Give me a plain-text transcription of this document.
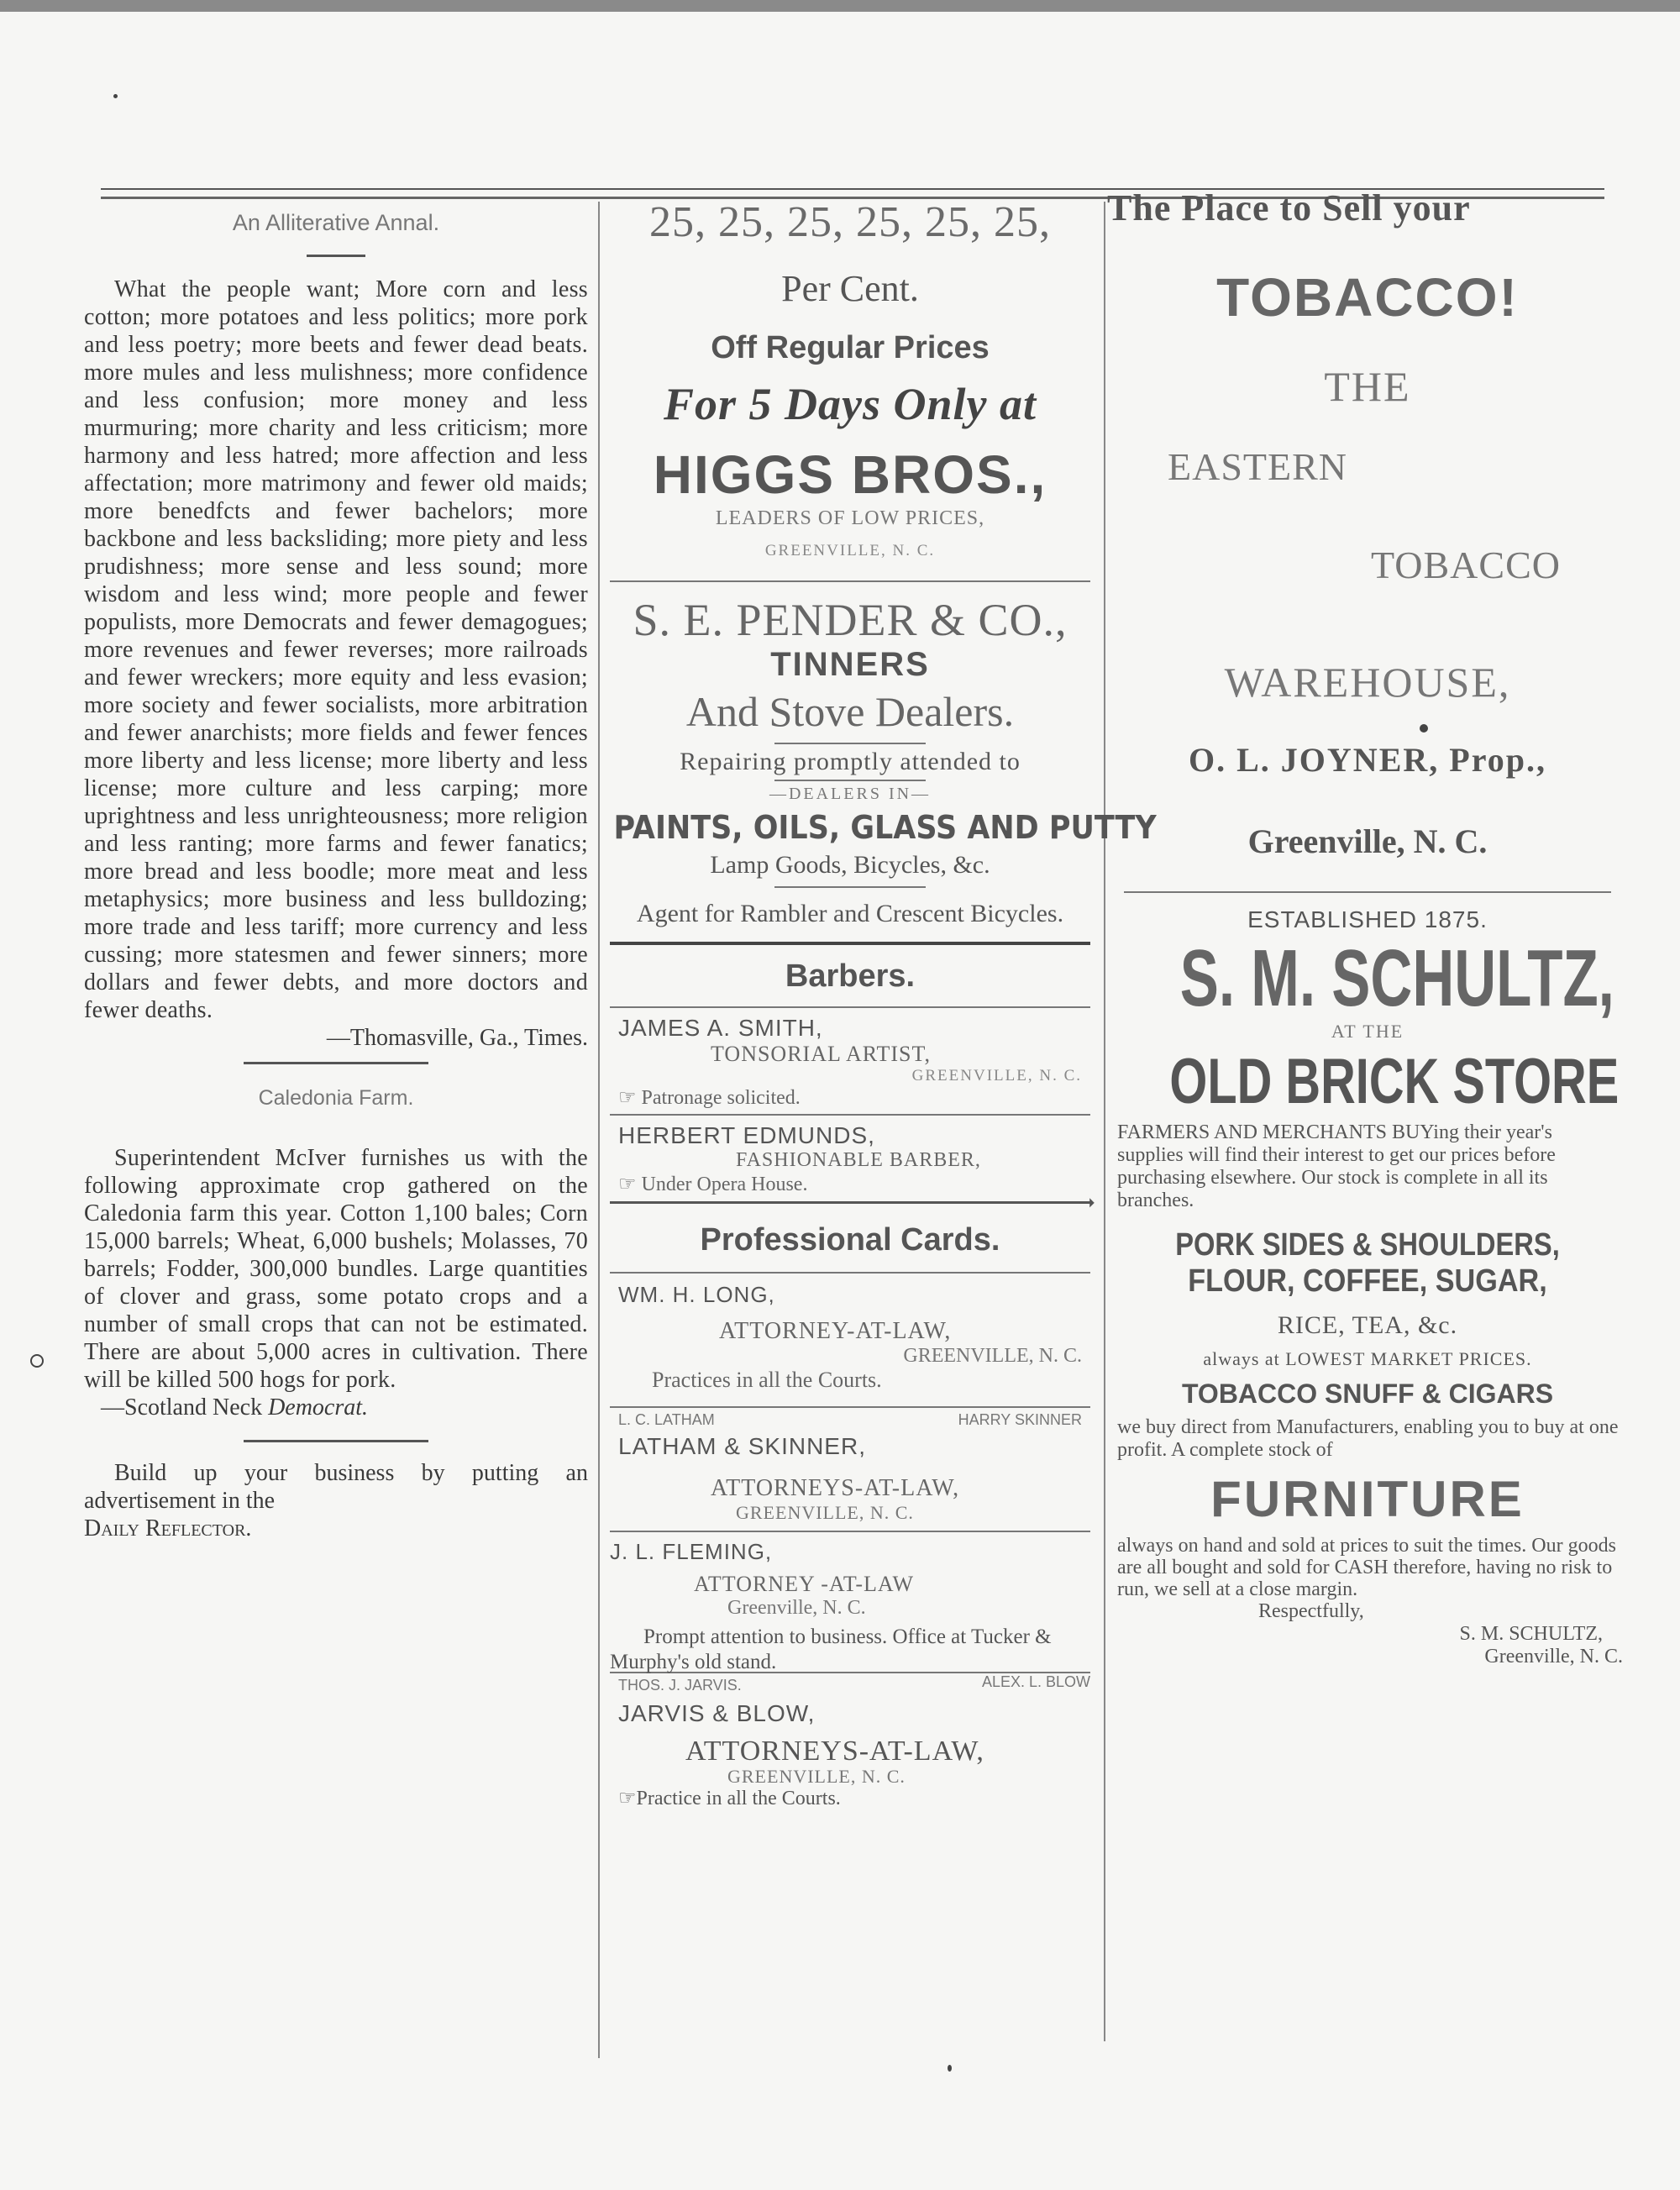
An Alliterative Annal.

What the people want; More corn and less cotton; more potatoes and less politics; more pork and less poetry; more beets and fewer dead beats. more mules and less mulishness; more confidence and less confusion; more money and less murmuring; more charity and less criticism; more harmony and less hatred; more affection and less affectation; more matrimony and fewer old maids; more benedfcts and fewer bachelors; more backbone and less backsliding; more piety and less prudishness; more sense and less sound; more wisdom and less wind; more people and fewer populists, more Democrats and fewer demagogues; more revenues and fewer reverses; more railroads and fewer wreckers; more equity and less evasion; more society and fewer socialists, more arbitration and fewer anarchists; more fields and fewer fences more liberty and less license; more liberty and less license; more culture and less carping; more uprightness and less unrighteousness; more religion and less ranting; more farms and fewer fanatics; more bread and less boodle; more meat and less metaphysics; more business and less bulldozing; more trade and less tariff; more currency and less cussing; more statesmen and fewer sinners; more dollars and fewer debts, and more doctors and fewer deaths.

—Thomasville, Ga., Times.

Caledonia Farm.

Superintendent McIver furnishes us with the following approximate crop gathered on the Caledonia farm this year. Cotton 1,100 bales; Corn 15,000 barrels; Wheat, 6,000 bushels; Molasses, 70 barrels; Fodder, 300,000 bundles. Large quantities of clover and grass, some potato crops and a number of small crops that can not be estimated. There are about 5,000 acres in cultivation. There will be killed 500 hogs for pork.

—Scotland Neck Democrat.

Build up your business by putting an advertisement in the

Daily Reflector.

25, 25, 25, 25, 25, 25,

Per Cent.

Off Regular Prices

For 5 Days Only at

HIGGS BROS.,

LEADERS OF LOW PRICES,

GREENVILLE, N. C.

S. E. PENDER & CO.,

TINNERS

And Stove Dealers.

Repairing promptly attended to

—DEALERS IN—

PAINTS, OILS, GLASS AND PUTTY

Lamp Goods, Bicycles, &c.

Agent for Rambler and Crescent Bicycles.

Barbers.

JAMES A. SMITH,

TONSORIAL ARTIST,

GREENVILLE, N. C.

☞ Patronage solicited.

HERBERT EDMUNDS,

FASHIONABLE BARBER,

☞ Under Opera House.

➝

Professional Cards.

WM. H. LONG,

ATTORNEY-AT-LAW,

GREENVILLE, N. C.

Practices in all the Courts.

L. C. LATHAM	HARRY SKINNER

LATHAM & SKINNER,

ATTORNEYS-AT-LAW,

GREENVILLE, N. C.

J. L. FLEMING,

ATTORNEY -AT-LAW

Greenville, N. C.

Prompt attention to business. Office at Tucker & Murphy's old stand.

THOS. J. JARVIS.	ALEX. L. BLOW

JARVIS & BLOW,

ATTORNEYS-AT-LAW,

GREENVILLE, N. C.

☞Practice in all the Courts.

The Place to Sell your

TOBACCO!

THE

EASTERN

TOBACCO

WAREHOUSE,

O. L. JOYNER, Prop.,

Greenville, N. C.

ESTABLISHED 1875.

S. M. SCHULTZ,

AT THE

OLD BRICK STORE

FARMERS AND MERCHANTS BUYing their year's supplies will find their interest to get our prices before purchasing elsewhere. Our stock is complete in all its branches.

PORK SIDES & SHOULDERS,

FLOUR, COFFEE, SUGAR,

RICE, TEA, &c.

always at LOWEST MARKET PRICES.

TOBACCO SNUFF & CIGARS

we buy direct from Manufacturers, enabling you to buy at one profit. A complete stock of

FURNITURE

always on hand and sold at prices to suit the times. Our goods are all bought and sold for CASH therefore, having no risk to run, we sell at a close margin.

Respectfully,

S. M. SCHULTZ,

Greenville, N. C.
